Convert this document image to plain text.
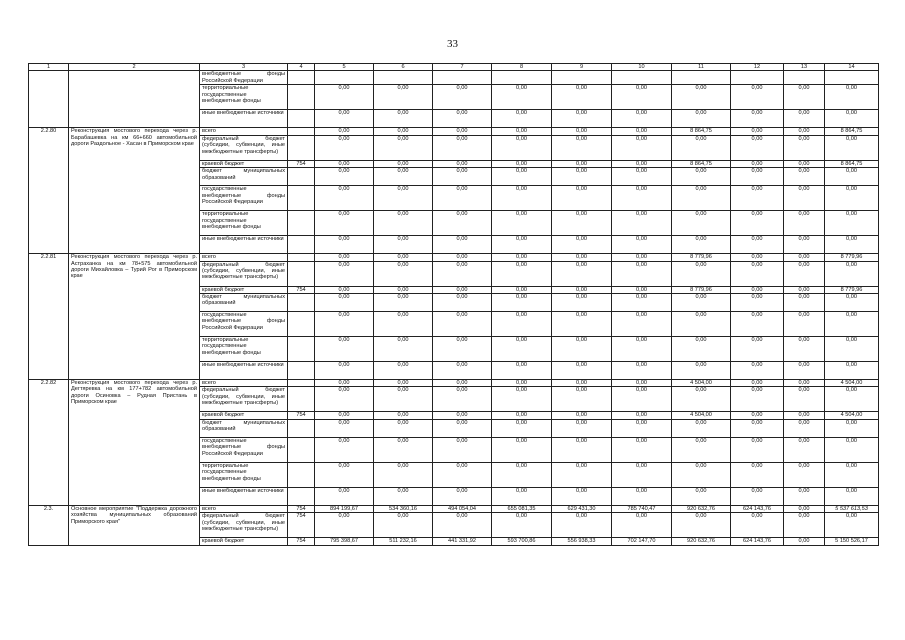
33
1	2	3	4	5	6	7	8	9	10	11	12	13	14
		внебюджетные фонды Российской Федерации											
		территориальные государственные внебюджетные фонды		0,00	0,00	0,00	0,00	0,00	0,00	0,00	0,00	0,00	0,00
		иные внебюджетные источники		0,00	0,00	0,00	0,00	0,00	0,00	0,00	0,00	0,00	0,00
2.2.80	Реконструкция мостового перехода через р. Барабашевка на км 66+660 автомобильной дороги Раздольное - Хасан в Приморском крае	всего		0,00	0,00	0,00	0,00	0,00	0,00	8 864,75	0,00	0,00	8 864,75
		федеральный бюджет (субсидии, субвенции, иные межбюджетные трансферты)		0,00	0,00	0,00	0,00	0,00	0,00	0,00	0,00	0,00	0,00
		краевой бюджет	754	0,00	0,00	0,00	0,00	0,00	0,00	8 864,75	0,00	0,00	8 864,75
		бюджет муниципальных образований		0,00	0,00	0,00	0,00	0,00	0,00	0,00	0,00	0,00	0,00
		государственные внебюджетные фонды Российской Федерации		0,00	0,00	0,00	0,00	0,00	0,00	0,00	0,00	0,00	0,00
		территориальные государственные внебюджетные фонды		0,00	0,00	0,00	0,00	0,00	0,00	0,00	0,00	0,00	0,00
		иные внебюджетные источники		0,00	0,00	0,00	0,00	0,00	0,00	0,00	0,00	0,00	0,00
2.2.81	Реконструкция мостового перехода через р. Астраханка на км 78+575 автомобильной дороги Михайловка – Турий Рог в Приморском крае	всего		0,00	0,00	0,00	0,00	0,00	0,00	8 779,96	0,00	0,00	8 779,96
		федеральный бюджет (субсидии, субвенции, иные межбюджетные трансферты)		0,00	0,00	0,00	0,00	0,00	0,00	0,00	0,00	0,00	0,00
		краевой бюджет	754	0,00	0,00	0,00	0,00	0,00	0,00	8 779,96	0,00	0,00	8 779,96
		бюджет муниципальных образований		0,00	0,00	0,00	0,00	0,00	0,00	0,00	0,00	0,00	0,00
		государственные внебюджетные фонды Российской Федерации		0,00	0,00	0,00	0,00	0,00	0,00	0,00	0,00	0,00	0,00
		территориальные государственные внебюджетные фонды		0,00	0,00	0,00	0,00	0,00	0,00	0,00	0,00	0,00	0,00
		иные внебюджетные источники		0,00	0,00	0,00	0,00	0,00	0,00	0,00	0,00	0,00	0,00
2.2.82	Реконструкция мостового перехода через р. Дегтяревка на км 177+782 автомобильной дороги Осиновка – Рудная Пристань в Приморском крае	всего		0,00	0,00	0,00	0,00	0,00	0,00	4 504,00	0,00	0,00	4 504,00
		федеральный бюджет (субсидии, субвенции, иные межбюджетные трансферты)		0,00	0,00	0,00	0,00	0,00	0,00	0,00	0,00	0,00	0,00
		краевой бюджет	754	0,00	0,00	0,00	0,00	0,00	0,00	4 504,00	0,00	0,00	4 504,00
		бюджет муниципальных образований		0,00	0,00	0,00	0,00	0,00	0,00	0,00	0,00	0,00	0,00
		государственные внебюджетные фонды Российской Федерации		0,00	0,00	0,00	0,00	0,00	0,00	0,00	0,00	0,00	0,00
		территориальные государственные внебюджетные фонды		0,00	0,00	0,00	0,00	0,00	0,00	0,00	0,00	0,00	0,00
		иные внебюджетные источники		0,00	0,00	0,00	0,00	0,00	0,00	0,00	0,00	0,00	0,00
2.3.	Основное мероприятие "Поддержка дорожного хозяйства муниципальных образований Приморского края"	всего	754	894 199,67	534 360,16	494 054,04	655 081,35	629 431,30	785 740,47	920 632,76	624 143,76	0,00	5 537 613,53
		федеральный бюджет (субсидии, субвенции, иные межбюджетные трансферты)	754	0,00	0,00	0,00	0,00	0,00	0,00	0,00	0,00	0,00	0,00
		краевой бюджет	754	795 398,67	511 232,16	441 331,92	593 700,86	556 938,33	702 147,70	920 632,76	624 143,76	0,00	5 150 526,17
